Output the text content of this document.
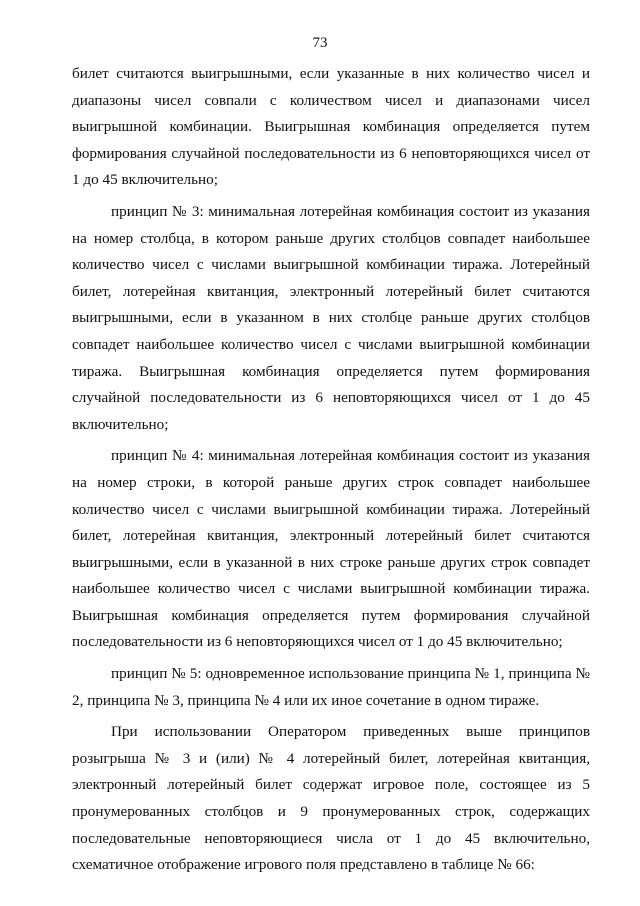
73

билет считаются выигрышными, если указанные в них количество чисел и диапазоны чисел совпали с количеством чисел и диапазонами чисел выигрышной комбинации. Выигрышная комбинация определяется путем формирования случайной последовательности из 6 неповторяющихся чисел от 1 до 45 включительно;

принцип № 3: минимальная лотерейная комбинация состоит из указания на номер столбца, в котором раньше других столбцов совпадет наибольшее количество чисел с числами выигрышной комбинации тиража. Лотерейный билет, лотерейная квитанция, электронный лотерейный билет считаются выигрышными, если в указанном в них столбце раньше других столбцов совпадет наибольшее количество чисел с числами выигрышной комбинации тиража. Выигрышная комбинация определяется путем формирования случайной последовательности из 6 неповторяющихся чисел от 1 до 45 включительно;

принцип № 4: минимальная лотерейная комбинация состоит из указания на номер строки, в которой раньше других строк совпадет наибольшее количество чисел с числами выигрышной комбинации тиража. Лотерейный билет, лотерейная квитанция, электронный лотерейный билет считаются выигрышными, если в указанной в них строке раньше других строк совпадет наибольшее количество чисел с числами выигрышной комбинации тиража. Выигрышная комбинация определяется путем формирования случайной последовательности из 6 неповторяющихся чисел от 1 до 45 включительно;

принцип № 5: одновременное использование принципа № 1, принципа № 2, принципа № 3, принципа № 4 или их иное сочетание в одном тираже.

При использовании Оператором приведенных выше принципов розыгрыша № 3 и (или) № 4 лотерейный билет, лотерейная квитанция, электронный лотерейный билет содержат игровое поле, состоящее из 5 пронумерованных столбцов и 9 пронумерованных строк, содержащих последовательные неповторяющиеся числа от 1 до 45 включительно, схематичное отображение игрового поля представлено в таблице № 66:
